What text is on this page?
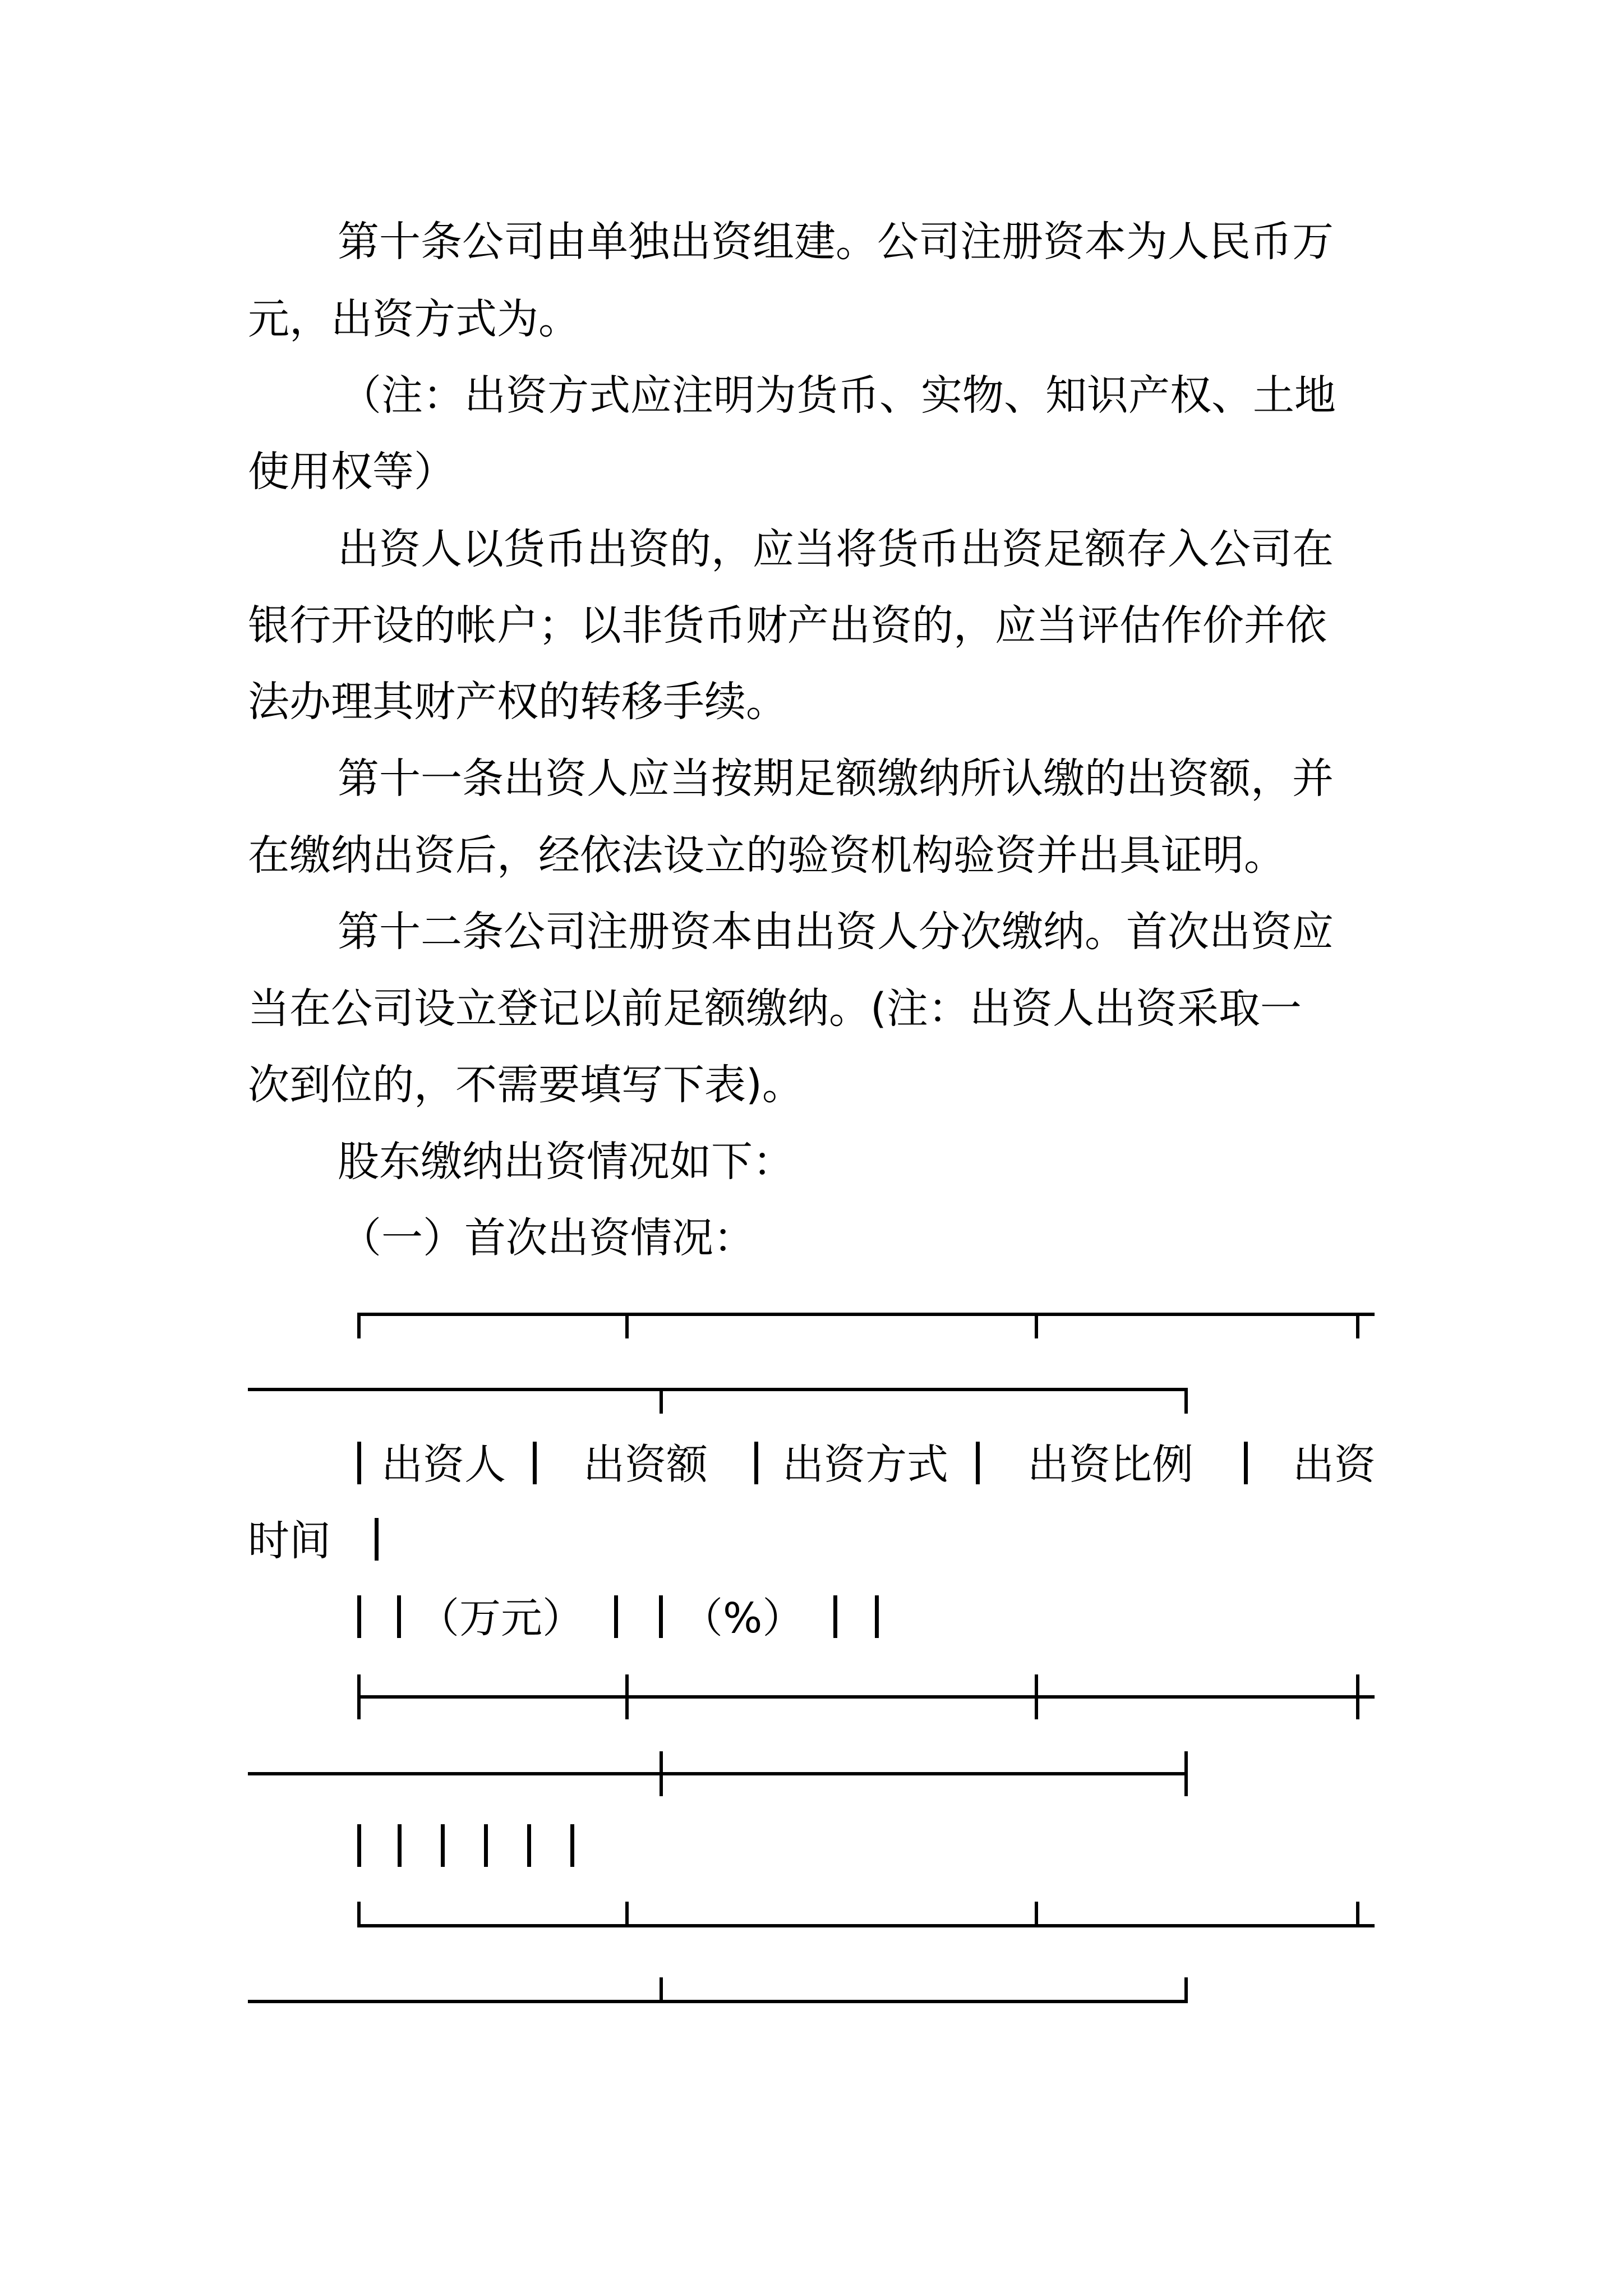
第十条公司由单独出资组建。公司注册资本为人民币万
元，出资方式为。
（注：出资方式应注明为货币、实物、知识产权、土地
使用权等）
出资人以货币出资的，应当将货币出资足额存入公司在
银行开设的帐户；以非货币财产出资的，应当评估作价并依
法办理其财产权的转移手续。
第十一条出资人应当按期足额缴纳所认缴的出资额，并
在缴纳出资后，经依法设立的验资机构验资并出具证明。
第十二条公司注册资本由出资人分次缴纳。首次出资应
当在公司设立登记以前足额缴纳。(注：出资人出资采取一
次到位的，不需要填写下表)。
股东缴纳出资情况如下：
（一）首次出资情况：
出资人 出资额 出资方式 出资比例 出资
时间
（万元） （%）
